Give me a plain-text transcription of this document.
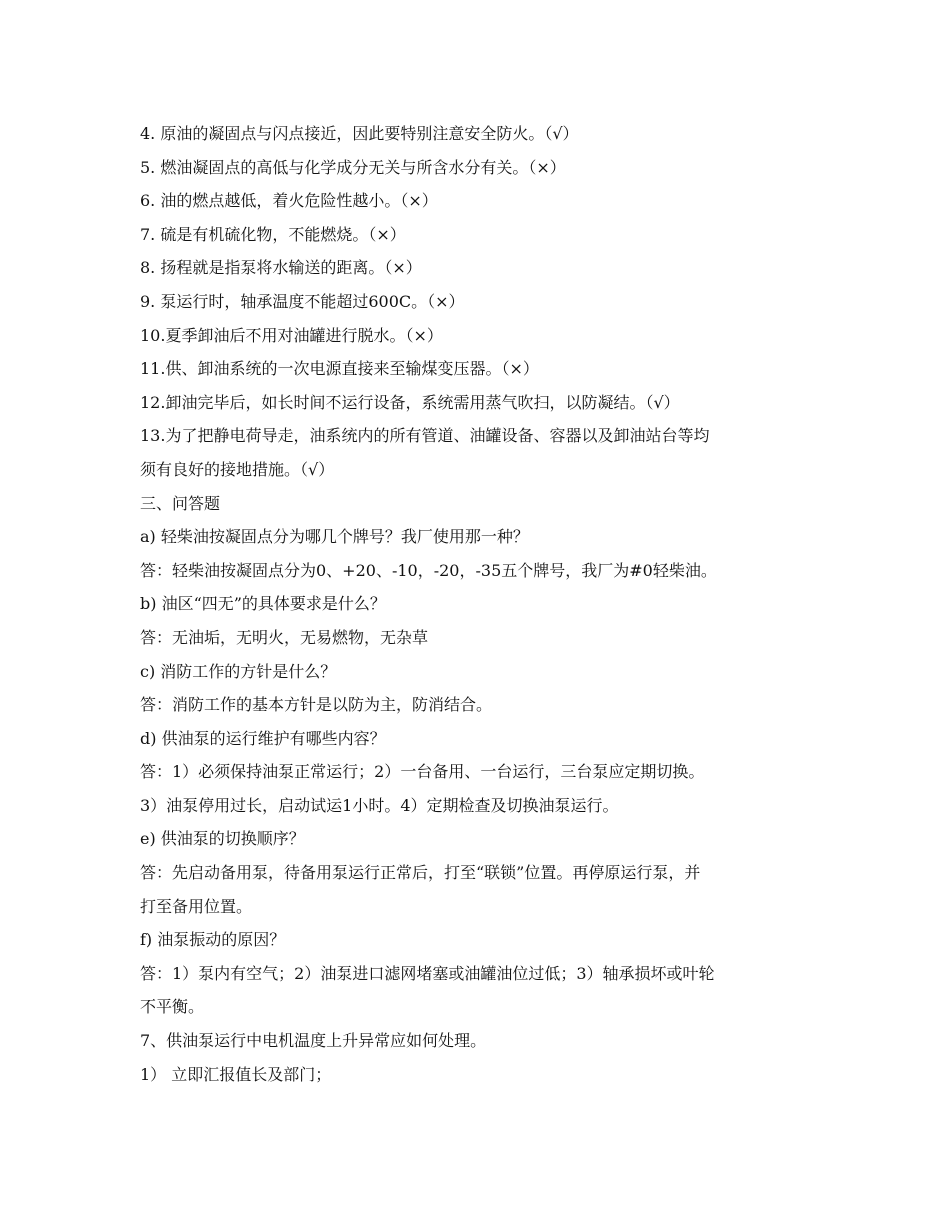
4. 原油的凝固点与闪点接近，因此要特别注意安全防火。（√）
5. 燃油凝固点的高低与化学成分无关与所含水分有关。（×）
6. 油的燃点越低，着火危险性越小。（×）
7. 硫是有机硫化物，不能燃烧。（×）
8. 扬程就是指泵将水输送的距离。（×）
9. 泵运行时，轴承温度不能超过600C。（×）
10.夏季卸油后不用对油罐进行脱水。（×）
11.供、卸油系统的一次电源直接来至输煤变压器。（×）
12.卸油完毕后，如长时间不运行设备，系统需用蒸气吹扫，以防凝结。（√）
13.为了把静电荷导走，油系统内的所有管道、油罐设备、容器以及卸油站台等均
须有良好的接地措施。（√）
三、问答题
a) 轻柴油按凝固点分为哪几个牌号？我厂使用那一种？
答：轻柴油按凝固点分为0、+20、-10，-20，-35五个牌号，我厂为#0轻柴油。
b) 油区“四无”的具体要求是什么？
答：无油垢，无明火，无易燃物，无杂草
c) 消防工作的方针是什么？
答：消防工作的基本方针是以防为主，防消结合。
d) 供油泵的运行维护有哪些内容？
答：1）必须保持油泵正常运行；2）一台备用、一台运行，三台泵应定期切换。
3）油泵停用过长，启动试运1小时。4）定期检查及切换油泵运行。
e) 供油泵的切换顺序？
答：先启动备用泵，待备用泵运行正常后，打至“联锁”位置。再停原运行泵，并
打至备用位置。
f) 油泵振动的原因？
答：1）泵内有空气；2）油泵进口滤网堵塞或油罐油位过低；3）轴承损坏或叶轮
不平衡。
7、供油泵运行中电机温度上升异常应如何处理。
1） 立即汇报值长及部门；
